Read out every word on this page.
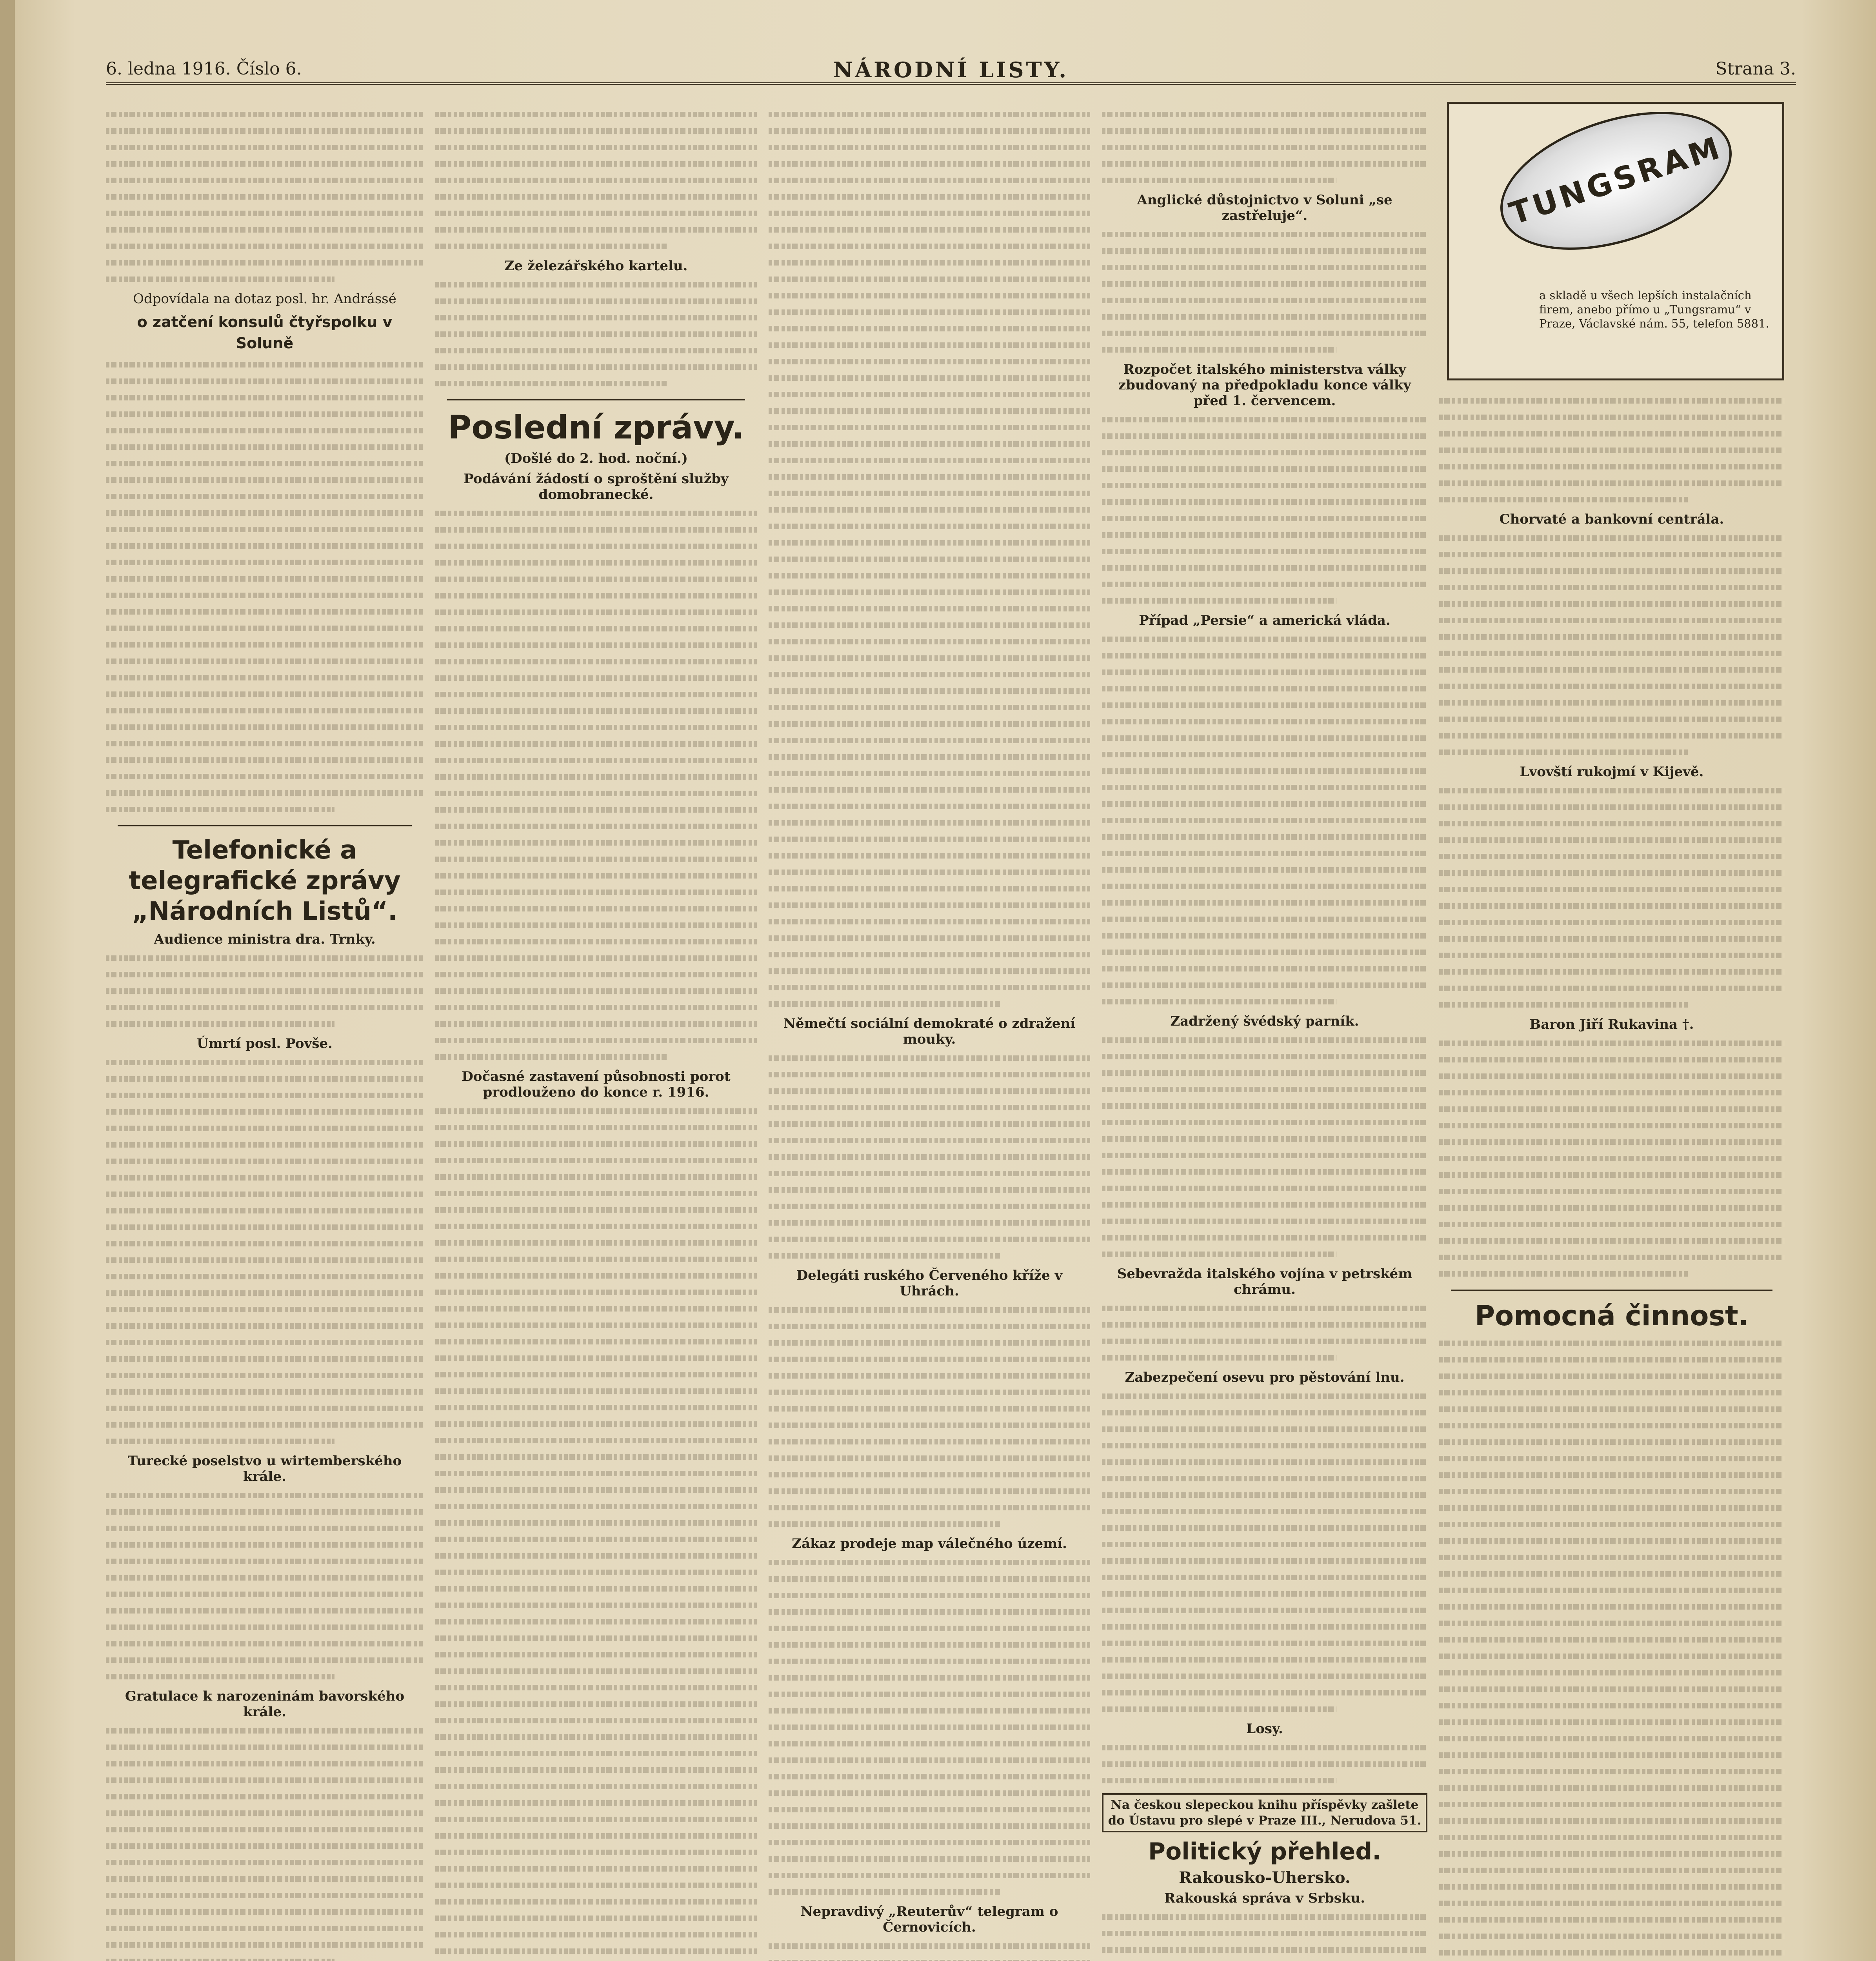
6. ledna 1916. Číslo 6.	NÁRODNÍ LISTY.	Strana 3.
Odpovídala na dotaz posl. hr. Andrássé
o zatčení konsulů čtyřspolku v Soluně
Telefonické a telegrafické zprávy „Národních Listů“.
Audience ministra dra. Trnky.
Úmrtí posl. Povše.
Turecké poselstvo u wirtemberského krále.
Gratulace k narozeninám bavorského krále.
Ze železářského kartelu.
Poslední zprávy.
(Došlé do 2. hod. noční.)
Podávání žádostí o sproštění služby domobranecké.
Dočasné zastavení působnosti porot prodlouženo do konce r. 1916.
Němečtí sociální demokraté o zdražení mouky.
Delegáti ruského Červeného kříže v Uhrách.
Zákaz prodeje map válečného území.
Nepravdivý „Reuterův“ telegram o Černovicích.
Anglické důstojnictvo v Soluni „se zastřeluje“.
Rozpočet italského ministerstva války zbudovaný na předpokladu konce války před 1. červencem.
Případ „Persie“ a americká vláda.
Zadržený švédský parník.
Sebevražda italského vojína v petrském chrámu.
Zabezpečení osevu pro pěstování lnu.
Losy.
Na českou slepeckou knihu příspěvky zašlete do Ústavu pro slepé v Praze III., Nerudova 51.
Politický přehled.
Rakousko-Uhersko.
Rakouská správa v Srbsku.
TUNGSRAM
a skladě u všech lepších instalačních firem, anebo přímo u „Tungsramu“ v Praze, Václavské nám. 55, telefon 5881.
Chorvaté a bankovní centrála.
Lvovští rukojmí v Kijevě.
Baron Jiří Rukavina †.
Pomocná činnost.
